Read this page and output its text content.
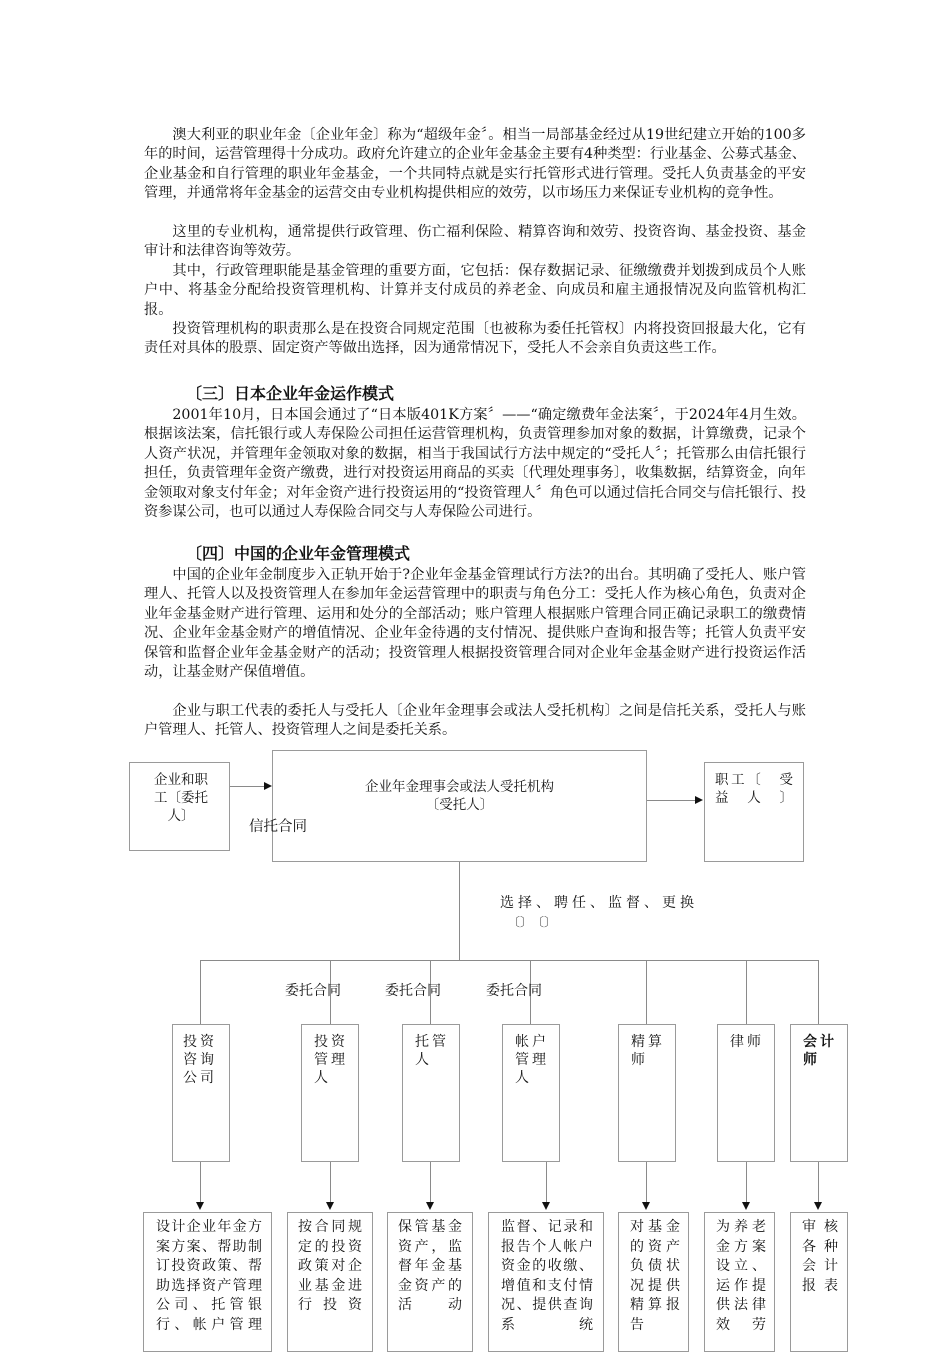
澳大利亚的职业年金〔企业年金〕称为“超级年金〞。相当一局部基金经过从19世纪建立开始的100多年的时间，运营管理得十分成功。政府允许建立的企业年金基金主要有4种类型：行业基金、公募式基金、企业基金和自行管理的职业年金基金，一个共同特点就是实行托管形式进行管理。受托人负责基金的平安管理，并通常将年金基金的运营交由专业机构提供相应的效劳，以市场压力来保证专业机构的竞争性。

这里的专业机构，通常提供行政管理、伤亡福利保险、精算咨询和效劳、投资咨询、基金投资、基金审计和法律咨询等效劳。

其中，行政管理职能是基金管理的重要方面，它包括：保存数据记录、征缴缴费并划拨到成员个人账户中、将基金分配给投资管理机构、计算并支付成员的养老金、向成员和雇主通报情况及向监管机构汇报。

投资管理机构的职责那么是在投资合同规定范围〔也被称为委任托管权〕内将投资回报最大化，它有责任对具体的股票、固定资产等做出选择，因为通常情况下，受托人不会亲自负责这些工作。

〔三〕日本企业年金运作模式

2001年10月，日本国会通过了“日本版401K方案〞——“确定缴费年金法案〞，于2024年4月生效。根据该法案，信托银行或人寿保险公司担任运营管理机构，负责管理参加对象的数据，计算缴费，记录个人资产状况，并管理年金领取对象的数据，相当于我国试行方法中规定的“受托人〞；托管那么由信托银行担任，负责管理年金资产缴费，进行对投资运用商品的买卖〔代理处理事务〕，收集数据，结算资金，向年金领取对象支付年金；对年金资产进行投资运用的“投资管理人〞角色可以通过信托合同交与信托银行、投资参谋公司，也可以通过人寿保险合同交与人寿保险公司进行。

〔四〕中国的企业年金管理模式

中国的企业年金制度步入正轨开始于?企业年金基金管理试行方法?的出台。其明确了受托人、账户管理人、托管人以及投资管理人在参加年金运营管理中的职责与角色分工：受托人作为核心角色，负责对企业年金基金财产进行管理、运用和处分的全部活动；账户管理人根据账户管理合同正确记录职工的缴费情况、企业年金基金财产的增值情况、企业年金待遇的支付情况、提供账户查询和报告等；托管人负责平安保管和监督企业年金基金财产的活动；投资管理人根据投资管理合同对企业年金基金财产进行投资运作活动，让基金财产保值增值。

企业与职工代表的委托人与受托人〔企业年金理事会或法人受托机构〕之间是信托关系，受托人与账户管理人、托管人、投资管理人之间是委托关系。

企业和职工〔委托人〕
企业年金理事会或法人受托机构
〔受托人〕
信托合同
职工〔　受　益人〕
选择、聘任、监督、更换
〔〕　〔〕
委托合同	委托合同	委托合同
投资咨询公司
投资管理人
托管人
帐户管理人
精算师
律师	会计师
设计企业年金方案方案、帮助制订投资政策、帮助选择资产管理公司、托管银行、帐户管理
按合同规定的投资政策对企业基金进行投资
保管基金资产，监督年金基金资产的活动
监督、记录和报告个人帐户资金的收缴、增值和支付情况、提供查询系统
对基金的资产负债状况提供精算报告
为养老金方案设立、运作提供法律效劳
审核各种会计报表
